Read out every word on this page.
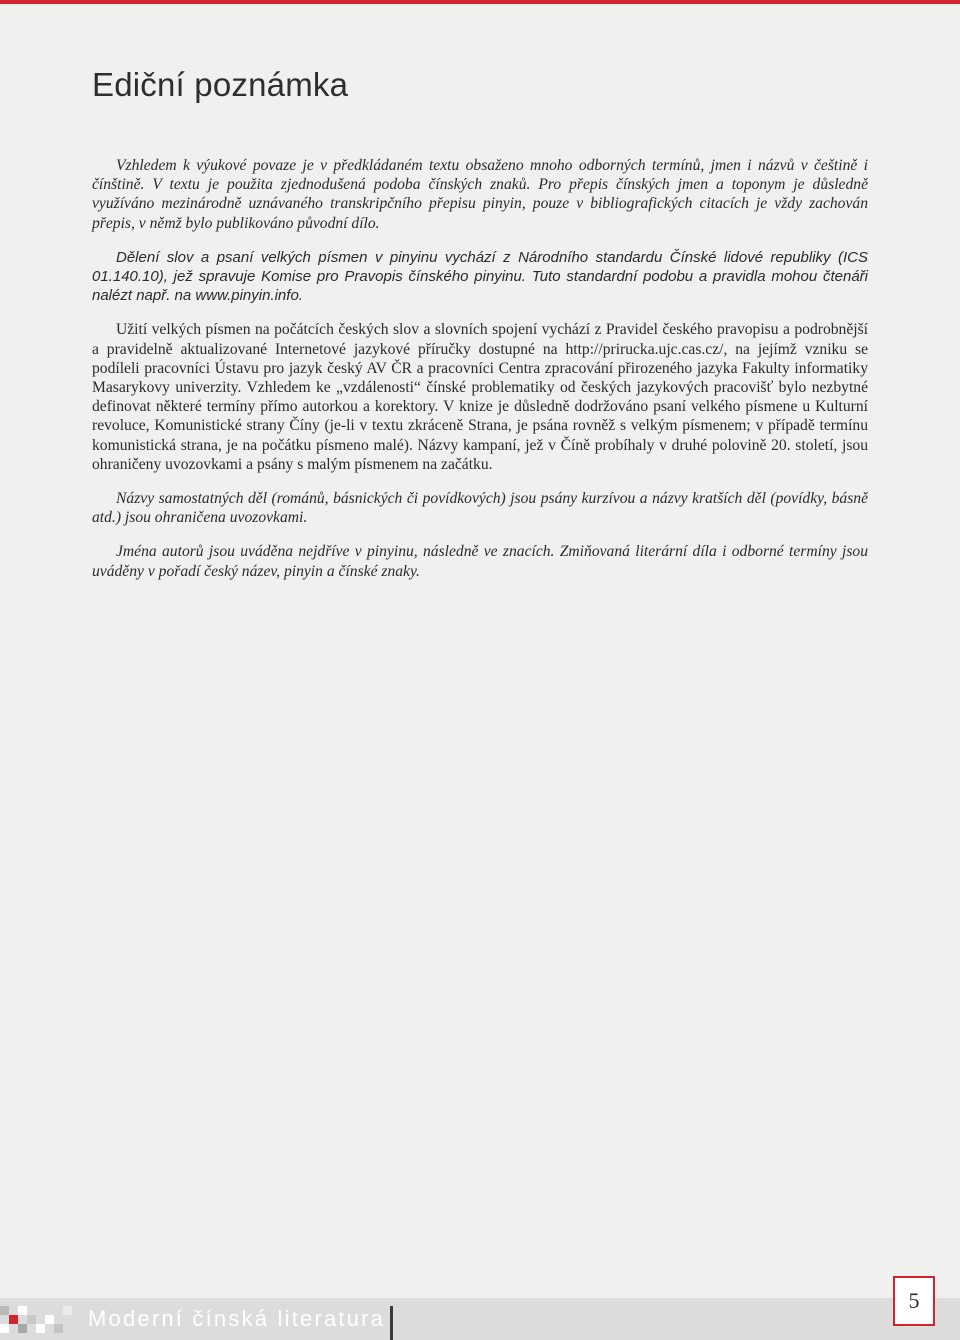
Ediční poznámka

Vzhledem k výukové povaze je v předkládaném textu obsaženo mnoho odborných termínů, jmen i názvů v češtině i čínštině. V textu je použita zjednodušená podoba čínských znaků. Pro přepis čínských jmen a toponym je důsledně využíváno mezinárodně uznávaného transkripčního přepisu pinyin, pouze v bibliografických citacích je vždy zachován přepis, v němž bylo publikováno původní dílo.

Dělení slov a psaní velkých písmen v pinyinu vychází z Národního standardu Čínské lidové republiky (ICS 01.140.10), jež spravuje Komise pro Pravopis čínského pinyinu. Tuto standardní podobu a pravidla mohou čtenáři nalézt např. na www.pinyin.info.

Užití velkých písmen na počátcích českých slov a slovních spojení vychází z Pravidel českého pravopisu a podrobnější a pravidelně aktualizované Internetové jazykové příručky dostupné na http://prirucka.ujc.cas.cz/, na jejímž vzniku se podíleli pracovníci Ústavu pro jazyk český AV ČR a pracovníci Centra zpracování přirozeného jazyka Fakulty informatiky Masarykovy univerzity. Vzhledem ke „vzdálenosti“ čínské problematiky od českých jazykových pracovišť bylo nezbytné definovat některé termíny přímo autorkou a korektory. V knize je důsledně dodržováno psaní velkého písmene u Kulturní revoluce, Komunistické strany Číny (je-li v textu zkráceně Strana, je psána rovněž s velkým písmenem; v případě termínu komunistická strana, je na počátku písmeno malé). Názvy kampaní, jež v Číně probíhaly v druhé polovině 20. století, jsou ohraničeny uvozovkami a psány s malým písmenem na začátku.

Názvy samostatných děl (románů, básnických či povídkových) jsou psány kurzívou a názvy kratších děl (povídky, básně atd.) jsou ohraničena uvozovkami.

Jména autorů jsou uváděna nejdříve v pinyinu, následně ve znacích. Zmiňovaná literární díla i odborné termíny jsou uváděny v pořadí český název, pinyin a čínské znaky.

Moderní čínská literatura
5
